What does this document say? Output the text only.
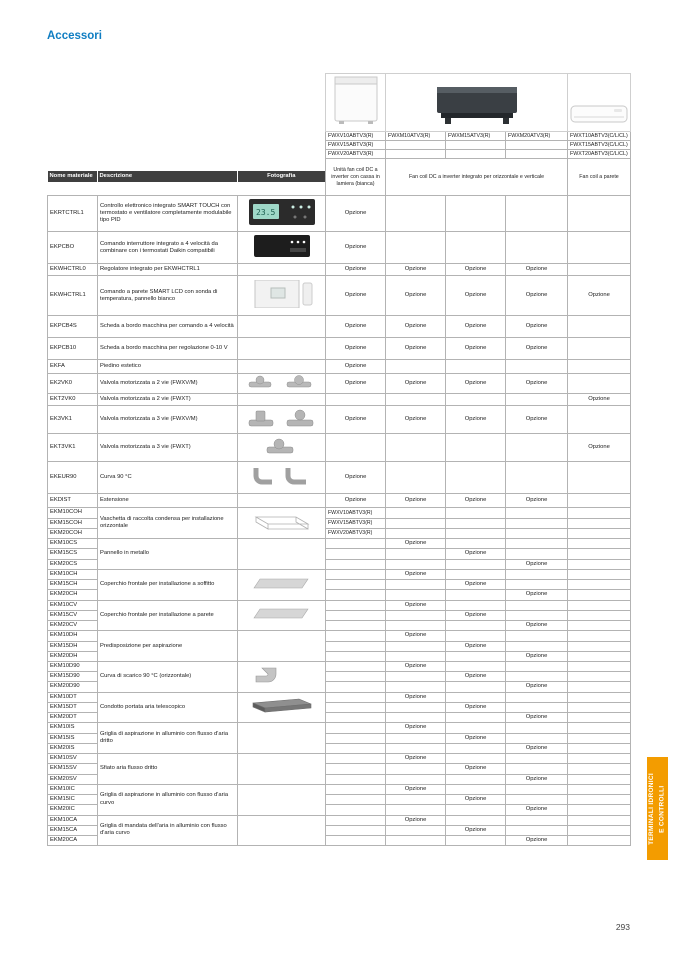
Accessori

			FWXV10ABTV3(R)	FWXM10ATV3(R)	FWXM15ATV3(R)	FWXM20ATV3(R)	FWXT10ABTV3(C/L/CL)
			FWXV15ABTV3(R)				FWXT15ABTV3(C/L/CL)
			FWXV20ABTV3(R)				FWXT20ABTV3(C/L/CL)

Nome materiale	Descrizione	Fotografia	Unità fan coil DC a inverter con cassa in lamiera (bianca)	Fan coil DC a inverter integrato per orizzontale e verticale			Fan coil a parete
EKRTCTRL1	Controllo elettronico integrato SMART TOUCH con termostato e ventilatore completamente modulabile tipo PID	23.5	Opzione				
EKPCBO	Comando interruttore integrato a 4 velocità da combinare con i termostati Daikin compatibili		Opzione				
EKWHCTRL0	Regolatore integrato per EKWHCTRL1		Opzione	Opzione	Opzione	Opzione	
EKWHCTRL1	Comando a parete SMART LCD con sonda di temperatura, pannello bianco		Opzione	Opzione	Opzione	Opzione	Opzione
EKPCB4S	Scheda a bordo macchina per comando a 4 velocità		Opzione	Opzione	Opzione	Opzione	
EKPCB10	Scheda a bordo macchina per regolazione 0-10 V		Opzione	Opzione	Opzione	Opzione	
EKFA	Piedino estetico		Opzione				
EK2VK0	Valvola motorizzata a 2 vie (FWXV/M)		Opzione	Opzione	Opzione	Opzione	
EKT2VK0	Valvola motorizzata a 2 vie (FWXT)						Opzione
EK3VK1	Valvola motorizzata a 3 vie (FWXV/M)		Opzione	Opzione	Opzione	Opzione	
EKT3VK1	Valvola motorizzata a 3 vie (FWXT)						Opzione
EKEUR90	Curva 90 °C		Opzione				
EKDIST	Estensione		Opzione	Opzione	Opzione	Opzione	
EKM10COH	Vaschetta di raccolta condensa per installazione orizzontale		FWXV10ABTV3(R)				
EKM15COH			FWXV15ABTV3(R)				
EKM20COH			FWXV20ABTV3(R)				
EKM10CS	Pannello in metallo			Opzione			
EKM15CS					Opzione		
EKM20CS						Opzione	
EKM10CH	Coperchio frontale per installazione a soffitto			Opzione			
EKM15CH					Opzione		
EKM20CH						Opzione	
EKM10CV	Coperchio frontale per installazione a parete			Opzione			
EKM15CV					Opzione		
EKM20CV						Opzione	
EKM10DH	Predisposizione per aspirazione			Opzione			
EKM15DH					Opzione		
EKM20DH						Opzione	
EKM10D90	Curva di scarico 90 °C (orizzontale)			Opzione			
EKM15D90					Opzione		
EKM20D90						Opzione	
EKM10DT	Condotto portata aria telescopico			Opzione			
EKM15DT					Opzione		
EKM20DT						Opzione	
EKM10IS	Griglia di aspirazione in alluminio con flusso d'aria dritto			Opzione			
EKM15IS					Opzione		
EKM20IS						Opzione	
EKM10SV	Sfiato aria flusso dritto			Opzione			
EKM15SV					Opzione		
EKM20SV						Opzione	
EKM10IC	Griglia di aspirazione in alluminio con flusso d'aria curvo			Opzione			
EKM15IC					Opzione		
EKM20IC						Opzione	
EKM10CA	Griglia di mandata dell'aria in alluminio con flusso d'aria curvo			Opzione			
EKM15CA					Opzione		
EKM20CA						Opzione		TERMINALI IDRONICI E CONTROLLI
293
